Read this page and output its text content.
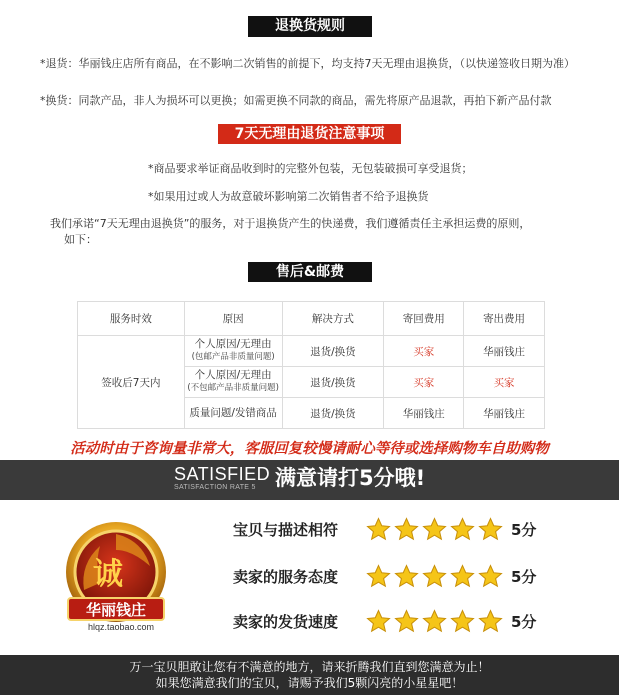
退换货规则
*退货：华丽钱庄店所有商品，在不影响二次销售的前提下，均支持7天无理由退换货，（以快递签收日期为准）
*换货：同款产品，非人为损坏可以更换；如需更换不同款的商品，需先将原产品退款，再拍下新产品付款
7天无理由退货注意事项
*商品要求举证商品收到时的完整外包装，无包装破损可享受退货；
*如果用过或人为故意破坏影响第二次销售者不给予退换货
我们承诺“7天无理由退换货”的服务，对于退换货产生的快递费，我们遵循责任主承担运费的原则，
如下：
售后&邮费
服务时效	原因	解决方式	寄回费用	寄出费用
签收后7天内	个人原因/无理由
(包邮产品非质量问题)	退货/换货	买家	华丽钱庄
	个人原因/无理由
(不包邮产品非质量问题)	退货/换货	买家	买家
	质量问题/发错商品	退货/换货	华丽钱庄	华丽钱庄
活动时由于咨询量非常大，客服回复较慢请耐心等待或选择购物车自助购物
SATISFIED
SATISFACTION RATE 5 满意请打5分哦!
诚
华丽钱庄
hlqz.taobao.com
宝贝与描述相符	5分
卖家的服务态度	5分
卖家的发货速度	5分
万一宝贝胆敢让您有不满意的地方，请来折腾我们直到您满意为止！
如果您满意我们的宝贝，请赐予我们5颗闪亮的小星星吧！
